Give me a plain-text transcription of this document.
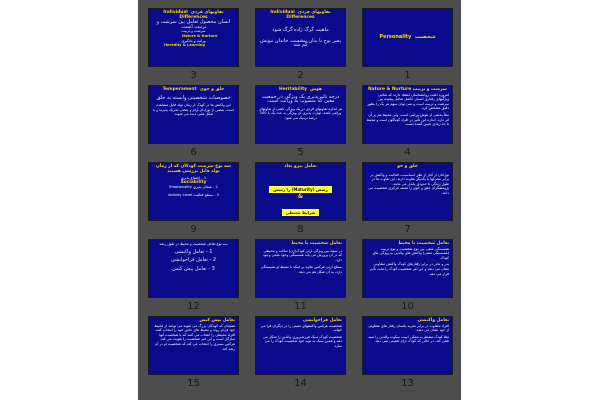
تفاوتهای فردی  Individual Differences
انسان محصول تعامل بین سرشت و تربیت است.
سرشت و تربیت
Nature & Nurture
وراثت و یادگیری
Heredity & Learning
3
تفاوتهای فردی  Individual Differences
ماهیت گرگ زاده گرگ شود
پسر نوح با بدان بنشست خاندان نبوتش گم شد
2
شخصیت  Personality
1
خلق و خوی  Temperament
خصوصیات شخصیتی وابسته به خلق
این واکنش ها در کودک از زمان تولد قابل مشاهده است. بعضی از نوزادان آرام و بعضی تحریک پذیرند و با شکل هایی دیده می شوند.
6
هوش  Heritability
درجه تاثیرپذیری یک ویژگی در جمعیت معین که منسوب به وراثت است.
هر اندازه تفاوتهای فردی در یک ویژگی ناشی از تفاوتهای وراثتی باشد، توارث پذیری آن ویژگی به عدد یک یا 100 درصد نزدیک می شود.
5
سرشت و تربیت Nature & Nurture
امروزه اغلب روانشناسان اعتقاد دارند که تمامی ویژگیهای رفتاری انسان حاصل تعامل پیچیده بین سرشت و تربیت است و نمی توان سهم هر یک را بطور دقیق مشخص کرد.
مثلاً بخشی از هوش وراثتی است، ولی محیط هم بر آن اثر دارد. اندازه این تأثیر در افراد گوناگون است و محیط تا حد زیادی تعیین کننده است.
4
سه نوع سرشت کودکان که از زمان تولد قابل بررسی هستند
1 - اجتماع پذیری
Sociability
2 - هیجان پذیری Emotionality
3 - سطح فعالیت Activity Level
9
تعامل نیرو بعاد
رسش (Maturity) را رسش
&
شرایط محیطی
8
خلق و خو
نوزادان از آغاز از نظر حساسیت، فعالیت و واکنش در برابر محرکها با یکدیگر تفاوت دارند. این تفاوت ها در طول زندگی تا حدودی پایدار می مانند.
پژوهشگران خلق و خوی را هسته مرکزی شخصیت می دانند.
7
سه نوع تعامل شخصیت و محیط در طول رشد
1 - تعامل واکنشی
2 - تعامل فراخوانشی
3 - تعامل پیش کنش
12
تعامل شخصیت با محیط
در نتیجه بین ویژگی ارثی کودک(ژن) سالانه و محیطی که در آن پرورش می یابد همبستگی وجود مثبتی وجود دارد.
سطح ارثی هرکس علاوه بر اینکه با محیط او همبستگی دارد، به آن شکل هم می دهد.
11
تعامل شخصیت با محیط
همبستگی منفی بین نوع شخصیت و نوع تربیت (همبستگی منفی) واکنش های والدین به ویژگی های کودک.
پدر و مادر در برابر رفتارهای کودک واکنش متفاوتی نشان می دهند و این امر شخصیت کودک را تحت تأثیر قرار می دهد.
10
تعامل پیش کنش
همچنان که کودکان بزرگ می شوند می توانند از محیط خود فراتر روند و محیط های خاص خود را انتخاب کنند.
افراد محیطی را انتخاب می کنند که با شخصیت آنها سازگار است و این امر شخصیت را تقویت می کند.
هرکس بستری را انتخاب می کند که شخصیت او در آن رشد کند.
15
تعامل فراخوانشی
شخصیت هرکس واکنشهای معینی را در دیگران فرا می خواند.
شخصیت کودک سبک فرزندپروری والدین را شکل می دهد و همین سبک به نوبه خود شخصیت کودک را می سازد.
14
تعامل واکنشی
افراد متفاوت در برابر تجربه یکسان رفتار های متفاوتی از خود نشان می دهند.
مثلا کودک مضطرب ممکن است سکوت والدین را تنبیه تلقی کند، در حالی که کودک آرام اهمیتی نمی دهد.
13
